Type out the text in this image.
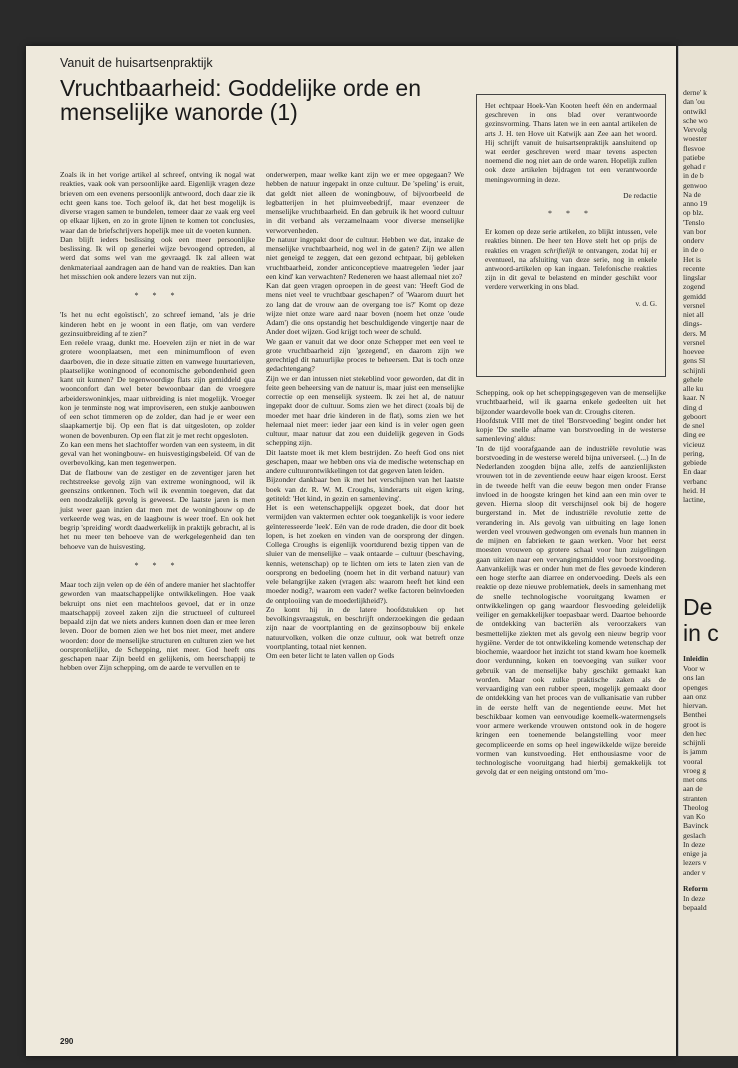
Vanuit de huisartsenpraktijk
Vruchtbaarheid: Goddelijke orde en menselijke wanorde (1)

Zoals ik in het vorige artikel al schreef, ontving ik nogal wat reakties, vaak ook van persoonlijke aard. Eigenlijk vragen deze brieven om een evenens persoonlijk antwoord, doch daar zie ik echt geen kans toe. Toch geloof ik, dat het best mogelijk is diverse vragen samen te bundelen, temeer daar ze vaak erg veel op elkaar lijken, en zo in grote lijnen te komen tot conclusies, waar dan de briefschrijvers hopelijk mee uit de voeten kunnen.

Dan blijft ieders beslissing ook een meer persoonlijke beslissing. Ik wil op generlei wijze bevoogend optreden, al werd dat soms wel van me gevraagd. Ik zal alleen wat denkmateriaal aandragen aan de hand van de reakties. Dan kan het misschien ook andere lezers van nut zijn.

* * *

'Is het nu echt egoïstisch', zo schreef iemand, 'als je drie kinderen hebt en je woont in een flatje, om van verdere gezinsuitbreiding af te zien?'

Een reëele vraag, dunkt me. Hoevelen zijn er niet in de war grotere woonplaatsen, met een minimumfloon of even daarboven, die in deze situatie zitten en vanwege huurtarieven, plaatselijke woningnood of economische gebondenheid geen kant uit kunnen? De tegenwoordige flats zijn gemiddeld qua woonconfort dan wel beter bewoonbaar dan de vroegere arbeiderswoninkjes, maar uitbreiding is niet mogelijk. Vroeger kon je tenminste nog wat improviseren, een stukje aanbouwen of een schot timmeren op de zolder, dan had je er weer een slaapkamertje bij. Op een flat is dat uitgesloten, op zolder wonen de bovenburen. Op een flat zit je met recht opgesloten.

Zo kan een mens het slachtoffer worden van een systeem, in dit geval van het woningbouw- en huisvestigingsbeleid. Of van de overbevolking, kan men tegenwerpen.

Dat de flatbouw van de zestiger en de zeventiger jaren het rechtstreekse gevolg zijn van extreme woningnood, wil ik geenszins ontkennen. Toch wil ik evenmin toegeven, dat dat een noodzakelijk gevolg is geweest. De laatste jaren is men juist weer gaan inzien dat men met de woningbouw op de verkeerde weg was, en de laagbouw is weer troef. En ook het begrip 'spreiding' wordt daadwerkelijk in praktijk gebracht, al is het nu meer ten behoeve van de werkgelegenheid dan ten behoeve van de huisvesting.

* * *

Maar toch zijn velen op de één of andere manier het slachtoffer geworden van maatschappelijke ontwikkelingen. Hoe vaak bekruipt ons niet een machteloos gevoel, dat er in onze maatschappij zoveel zaken zijn die structueel of cultureel bepaald zijn dat we niets anders kunnen doen dan er mee leren leven. Door de bomen zien we het bos niet meer, met andere woorden: door de menselijke structuren en culturen zien we het oorspronkelijke, de Schepping, niet meer. God heeft ons geschapen naar Zijn beeld en gelijkenis, om heerschappij te hebben over Zijn schepping, om de aarde te vervullen en te

onderwerpen, maar welke kant zijn we er mee opgegaan? We hebben de natuur ingepakt in onze cultuur. De 'speling' is eruit, dat geldt niet alleen de woningbouw, of bijvoorbeeld de legbatterijen in het pluimveebedrijf, maar evenzeer de menselijke vruchtbaarheid. En dan gebruik ik het woord cultuur in dit verband als verzamelnaam voor diverse menselijke verworvenheden.

De natuur ingepakt door de cultuur. Hebben we dat, inzake de menselijke vruchtbaarheid, nog wel in de gaten? Zijn we allen niet geneigd te zeggen, dat een gezond echtpaar, bij gebleken vruchtbaarheid, zonder anticonceptieve maatregelen 'ieder jaar een kind' kan verwachten? Redeneren we haast allemaal niet zo?

Kan dat geen vragen oproepen in de geest van: 'Heeft God de mens niet veel te vruchtbaar geschapen?' of 'Waarom duurt het zo lang dat de vrouw aan de overgang toe is?' Komt op deze wijze niet onze ware aard naar boven (noem het onze 'oude Adam') die ons opstandig het beschuldigende vingertje naar de Ander doet wijzen. God krijgt toch weer de schuld.

We gaan er vanuit dat we door onze Schepper met een veel te grote vruchtbaarheid zijn 'gezegend', en daarom zijn we gerechtigd dit natuurlijke proces te beheersen. Dat is toch onze gedachtengang?

Zijn we er dan intussen niet stekeblind voor geworden, dat dit in feite geen beheersing van de natuur is, maar juist een menselijke correctie op een menselijk systeem. Ik zei het al, de natuur ingepakt door de cultuur. Soms zien we het direct (zoals bij de moeder met haar drie kinderen in de flat), soms zien we het helemaal niet meer: ieder jaar een kind is in veler ogen geen cultuur, maar natuur dat zou een duidelijk gegeven in Gods schepping zijn.

Dit laatste moet ik met klem bestrijden. Zo heeft God ons niet geschapen, maar we hebben ons via de medische wetenschap en andere cultuurontwikkelingen tot dat gegeven laten leiden.

Bijzonder dankbaar ben ik met het verschijnen van het laatste boek van dr. R. W. M. Croughs, kinderarts uit eigen kring, getiteld: 'Het kind, in gezin en samenleving'.

Het is een wetenschappelijk opgezet boek, dat door het vermijden van vaktermen echter ook toegankelijk is voor iedere geïnteresseerde 'leek'. Eén van de rode draden, die door dit boek lopen, is het zoeken en vinden van de oorsprong der dingen. Collega Croughs is eigenlijk voortdurend bezig tippen van de sluier van de menselijke – vaak ontaarde – cultuur (beschaving, kennis, wetenschap) op te lichten om iets te laten zien van de oorsprong en bedoeling (noem het in dit verband natuur) van vele belangrijke zaken (vragen als: waarom heeft het kind een moeder nodig?, waarom een vader? welke factoren beïnvloeden de ontplooiing van de moederlijkheid?).

Zo komt hij in de latere hoofdstukken op het bevolkingsvraagstuk, en beschrijft onderzoekingen die gedaan zijn naar de voortplanting en de gezinsopbouw bij enkele natuurvolken, volken die onze cultuur, ook wat betreft onze voortplanting, totaal niet kennen.

Om een beter licht te laten vallen op Gods

Het echtpaar Hoek-Van Kooten heeft één en andermaal geschreven in ons blad over verantwoorde gezinsvorming. Thans laten we in een aantal artikelen de arts J. H. ten Hove uit Katwijk aan Zee aan het woord. Hij schrijft vanuit de huisartsenpraktijk aansluitend op wat eerder geschreven werd maar tevens aspecten noemend die nog niet aan de orde waren. Hopelijk zullen ook deze artikelen bijdragen tot een verantwoorde meningsvorming in deze.

De redactie
* * *

Er komen op deze serie artikelen, zo blijkt intussen, vele reakties binnen. De heer ten Hove stelt het op prijs de reakties en vragen schriftelijk te ontvangen, zodat hij er eventueel, na afsluiting van deze serie, nog in enkele antwoord-artikelen op kan ingaan. Telefonische reakties zijn in dit geval te belastend en minder geschikt voor verdere verwerking in ons blad.

v. d. G.

Schepping, ook op het scheppingsgegeven van de menselijke vruchtbaarheid, wil ik gaarna enkele gedeelten uit het bijzonder waardevolle boek van dr. Croughs citeren.

Hoofdstuk VIII met de titel 'Borstvoeding' begint onder het kopje 'De snelle afname van borstvoeding in de westerse samenleving' aldus:

'In de tijd voorafgaande aan de industriële revolutie was borstvoeding in de westerse wereld bijna universeel. (...) In de Nederlanden zoogden bijna alle, zelfs de aanzienlijksten vrouwen tot in de zeventiende eeuw haar eigen kroost. Eerst in de tweede helft van die eeuw begon men onder Franse invloed in de hoogste kringen het kind aan een min over te geven. Hierna sloop dit verschijnsel ook bij de hogere burgerstand in. Met de industriële revolutie zette de verandering in. Als gevolg van uitbuiting en lage lonen werden veel vrouwen gedwongen om evenals hun mannen in de mijnen en fabrieken te gaan werken. Voor het eerst moesten vrouwen op grotere schaal voor hun zuigelingen gaan uitzien naar een vervangingsmiddel voor borstvoeding. Aanvankelijk was er onder hun met de fles gevoede kinderen een hoge sterfte aan diarree en ondervoeding. Deels als een reaktie op deze nieuwe problematiek, deels in samenhang met de snelle technologische vooruitgang kwamen er ontwikkelingen op gang waardoor flesvoeding geleidelijk veiliger en gemakkelijker toepasbaar werd. Daartoe behoorde de ontdekking van bacteriën als veroorzakers van besmettelijke ziekten met als gevolg een nieuw begrip voor hygiëne. Verder de tot ontwikkeling komende wetenschap der biochemie, waardoor het inzicht tot stand kwam hoe koemelk door verdunning, koken en toevoeging van suiker voor gebruik van de menselijke baby geschikt gemaakt kan worden. Maar ook zulke praktische zaken als de vervaardiging van een rubber speen, mogelijk gemaakt door de ontdekking van het proces van de vulkanisatie van rubber in de eerste helft van de negentiende eeuw. Met het beschikbaar komen van eenvoudige koemelk-watermengsels voor armere werkende vrouwen ontstond ook in de hogere kringen een toenemende belangstelling voor meer gecompliceerde en soms op heel ingewikkelde wijze bereide vormen van kunstvoeding. Het enthousiasme voor de technologische vooruitgang had hierbij gemakkelijk tot gevolg dat er een neiging ontstond om 'mo-

290
derne' k
dan 'ou
ontwikl
sche wo
Vervolg
woester
flesvoe
patiebe
gehad r
in de b
genwoo
Na de
anno 19
op blz.
'Tenslo
van bor
onderv
in de o
Het is
recente
lingslar
zogend
gemidd
versnel
niet all
dings-
ders. M
versnel
hoevee
gens Sl
schijnli
gehele
alle ku
kaar. N
ding d
geboort
de snel
ding ee
vicieuz
pering,
gebiede
En daar
verbanc
heid. H
lactine,
De
in c
Inleidin
Voor w
ons lan
openges
aan onz
hiervan.
Benthei
groot is
den hec
schijnli
is jamm
vooral
vroeg g
met ons
aan de
stranten
Theolog
van Ko
Bavinck
geslach
In deze
enige ja
lezers v
ander v
Reform
In deze
bepaald
